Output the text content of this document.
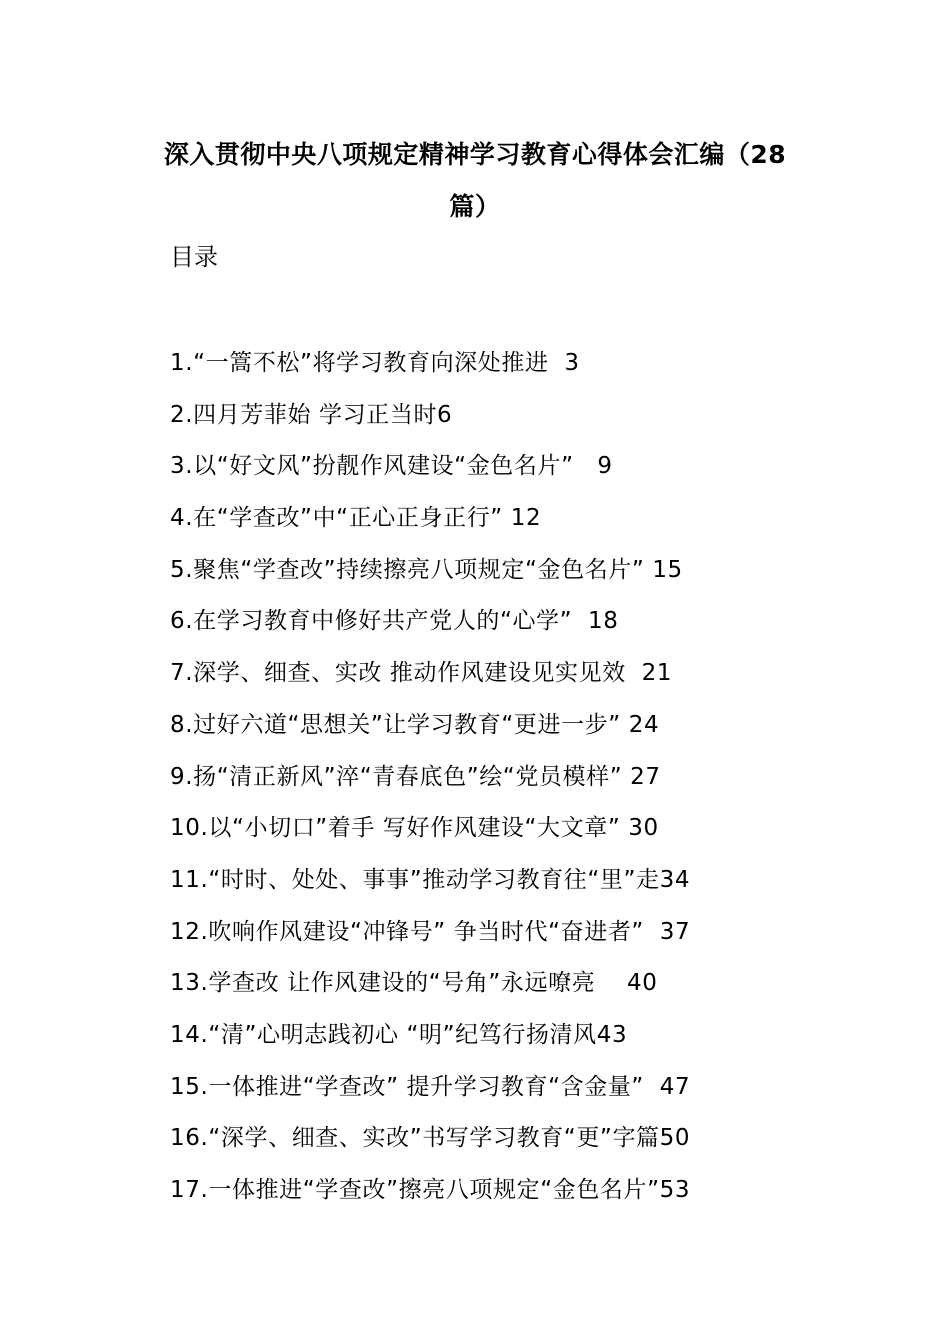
深入贯彻中央八项规定精神学习教育心得体会汇编（28
篇）
目录
1.“一篙不松”将学习教育向深处推进  3
2.四月芳菲始 学习正当时6
3.以“好文风”扮靓作风建设“金色名片”   9
4.在“学查改”中“正心正身正行” 12
5.聚焦“学查改”持续擦亮八项规定“金色名片” 15
6.在学习教育中修好共产党人的“心学”  18
7.深学、细查、实改 推动作风建设见实见效  21
8.过好六道“思想关”让学习教育“更进一步” 24
9.扬“清正新风”淬“青春底色”绘“党员模样” 27
10.以“小切口”着手 写好作风建设“大文章” 30
11.“时时、处处、事事”推动学习教育往“里”走34
12.吹响作风建设“冲锋号” 争当时代“奋进者”  37
13.学查改 让作风建设的“号角”永远嘹亮    40
14.“清”心明志践初心 “明”纪笃行扬清风43
15.一体推进“学查改” 提升学习教育“含金量”  47
16.“深学、细查、实改”书写学习教育“更”字篇50
17.一体推进“学查改”擦亮八项规定“金色名片”53
